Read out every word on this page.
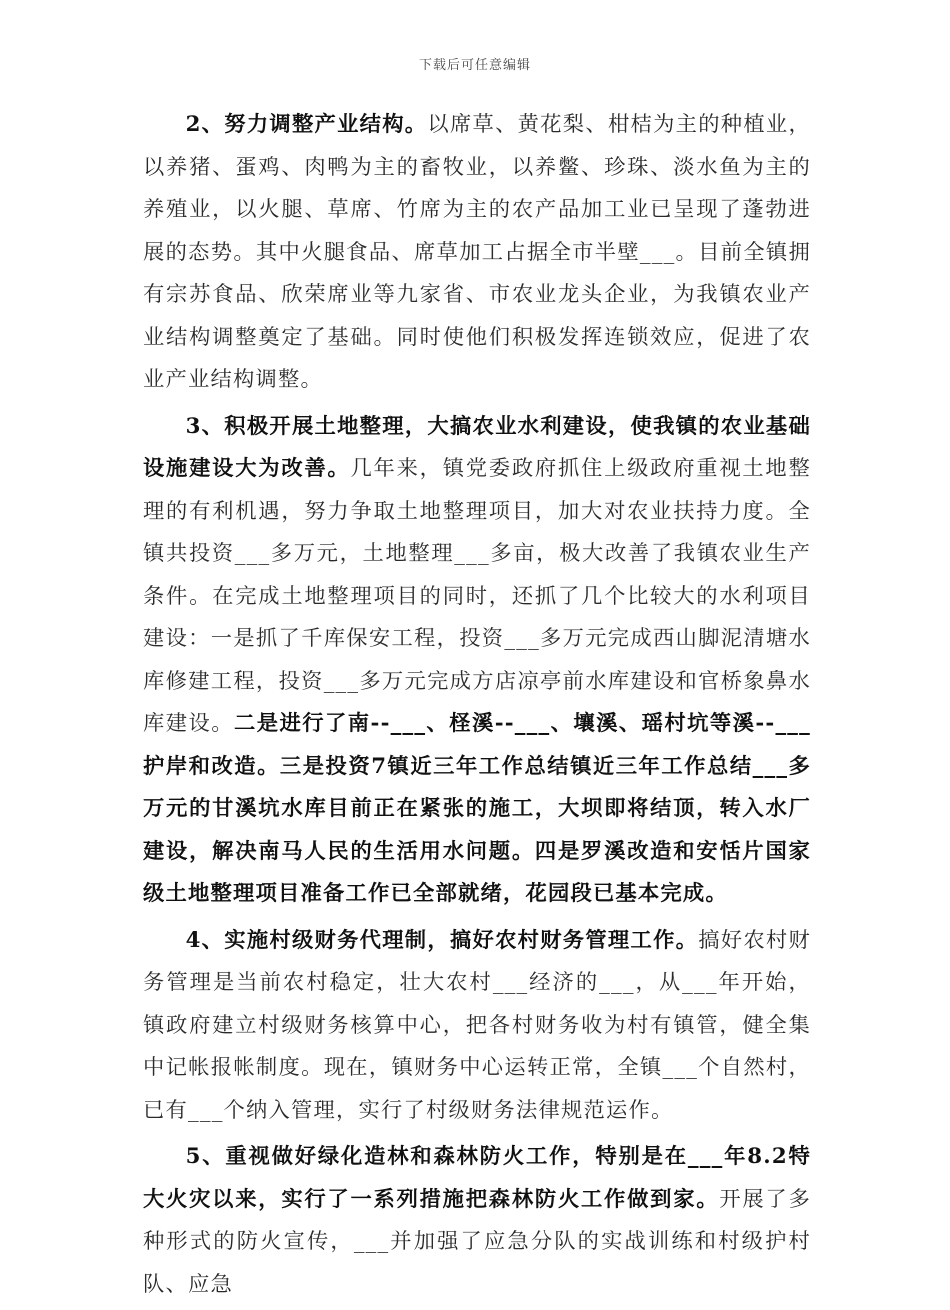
下载后可任意编辑

2、努力调整产业结构。以席草、黄花梨、柑桔为主的种植业，以养猪、蛋鸡、肉鸭为主的畜牧业，以养鳖、珍珠、淡水鱼为主的养殖业，以火腿、草席、竹席为主的农产品加工业已呈现了蓬勃进展的态势。其中火腿食品、席草加工占据全市半壁___。目前全镇拥有宗苏食品、欣荣席业等九家省、市农业龙头企业，为我镇农业产业结构调整奠定了基础。同时使他们积极发挥连锁效应，促进了农业产业结构调整。

3、积极开展土地整理，大搞农业水利建设，使我镇的农业基础设施建设大为改善。几年来，镇党委政府抓住上级政府重视土地整理的有利机遇，努力争取土地整理项目，加大对农业扶持力度。全镇共投资___多万元，土地整理___多亩，极大改善了我镇农业生产条件。在完成土地整理项目的同时，还抓了几个比较大的水利项目建设：一是抓了千库保安工程，投资___多万元完成西山脚泥清塘水库修建工程，投资___多万元完成方店凉亭前水库建设和官桥象鼻水库建设。二是进行了南--___、柽溪--___、壤溪、瑶村坑等溪--___护岸和改造。三是投资7镇近三年工作总结镇近三年工作总结___多万元的甘溪坑水库目前正在紧张的施工，大坝即将结顶，转入水厂建设，解决南马人民的生活用水问题。四是罗溪改造和安恬片国家级土地整理项目准备工作已全部就绪，花园段已基本完成。

4、实施村级财务代理制，搞好农村财务管理工作。搞好农村财务管理是当前农村稳定，壮大农村___经济的___，从___年开始，镇政府建立村级财务核算中心，把各村财务收为村有镇管，健全集中记帐报帐制度。现在，镇财务中心运转正常，全镇___个自然村，已有___个纳入管理，实行了村级财务法律规范运作。

5、重视做好绿化造林和森林防火工作，特别是在___年8.2特大火灾以来，实行了一系列措施把森林防火工作做到家。开展了多种形式的防火宣传，___并加强了应急分队的实战训练和村级护村队、应急
